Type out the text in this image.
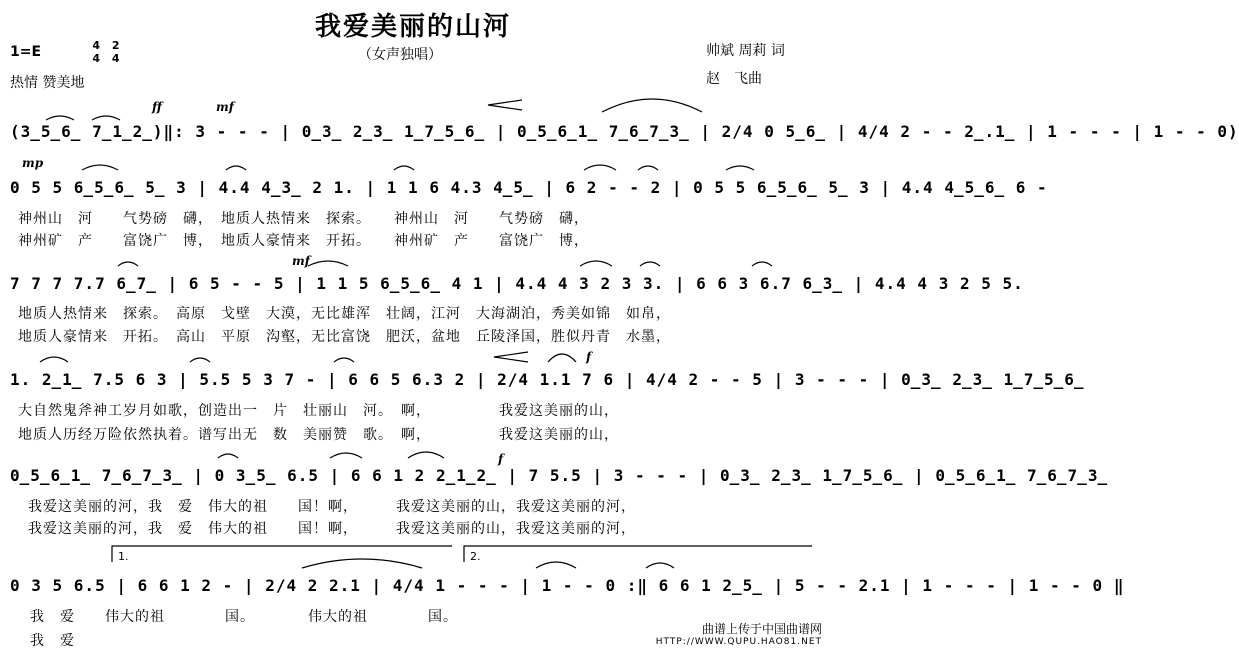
我爱美丽的山河
（女声独唱）
1=E	4 2
4 4
热情 赞美地
帅斌 周莉 词
赵　飞曲
ff	mf
mp
mf
f
f
(3̲5̲6̲ 7̲1̲2̲)‖: 3 - - - | 0̲3̲ 2̲3̲ 1̲7̲5̲6̲ | 0̲5̲6̲1̲ 7̲6̲7̲3̲ | 2/4 0 5̲6̲ | 4/4 2 - - 2̲.1̲ | 1 - - - | 1 - - 0)
0 5 5 6̲5̲6̲ 5̲ 3 | 4.4 4̲3̲ 2 1. | 1 1 6 4.3 4̲5̲ | 6 2 - - 2 | 0 5 5 6̲5̲6̲ 5̲ 3 | 4.4 4̲5̲6̲ 6 -
7 7 7 7.7 6̲7̲ | 6 5 - - 5 | 1 1 5 6̲5̲6̲ 4 1 | 4.4 4 3 2 3 3. | 6 6 3 6.7 6̲3̲ | 4.4 4 3 2 5 5.
1. 2̲1̲ 7.5 6 3 | 5.5 5 3 7 - | 6 6 5 6.3 2 | 2/4 1.1 7 6 | 4/4 2 - - 5 | 3 - - - | 0̲3̲ 2̲3̲ 1̲7̲5̲6̲
0̲5̲6̲1̲ 7̲6̲7̲3̲ | 0 3̲5̲ 6.5 | 6 6 1 2 2̲1̲2̲ | 7 5.5 | 3 - - - | 0̲3̲ 2̲3̲ 1̲7̲5̲6̲ | 0̲5̲6̲1̲ 7̲6̲7̲3̲
0 3 5 6.5 | 6 6 1 2 - | 2/4 2 2.1 | 4/4 1 - - - | 1 - - 0 :‖ 6 6 1 2̲5̲ | 5 - - 2.1 | 1 - - - | 1 - - 0 ‖
神州山　河　　气势磅　礴，　地质人热情来　探索。　　神州山　河　　气势磅　礴，
神州矿　产　　富饶广　博，　地质人豪情来　开拓。　　神州矿　产　　富饶广　博，
地质人热情来　探索。　高原　戈壁　大漠，无比雄浑　壮阔，江河　大海湖泊，秀美如锦　如帛，
地质人豪情来　开拓。　高山　平原　沟壑，无比富饶　肥沃，盆地　丘陵泽国，胜似丹青　水墨，
大自然鬼斧神工岁月如歌，创造出一　片　壮丽山　河。　啊，　　　　　我爱这美丽的山，
地质人历经万险依然执着。谱写出无　数　美丽赞　歌。　啊，　　　　　我爱这美丽的山，
我爱这美丽的河，我　爱　伟大的祖　　国！啊，　　　我爱这美丽的山，我爱这美丽的河，
我爱这美丽的河，我　爱　伟大的祖　　国！啊，　　　我爱这美丽的山，我爱这美丽的河，
我　爱　　伟大的祖　　　　国。　　　　伟大的祖　　　　国。
我　爱
1.	2.
曲谱上传于中国曲谱网
HTTP://WWW.QUPU.HAO81.NET
